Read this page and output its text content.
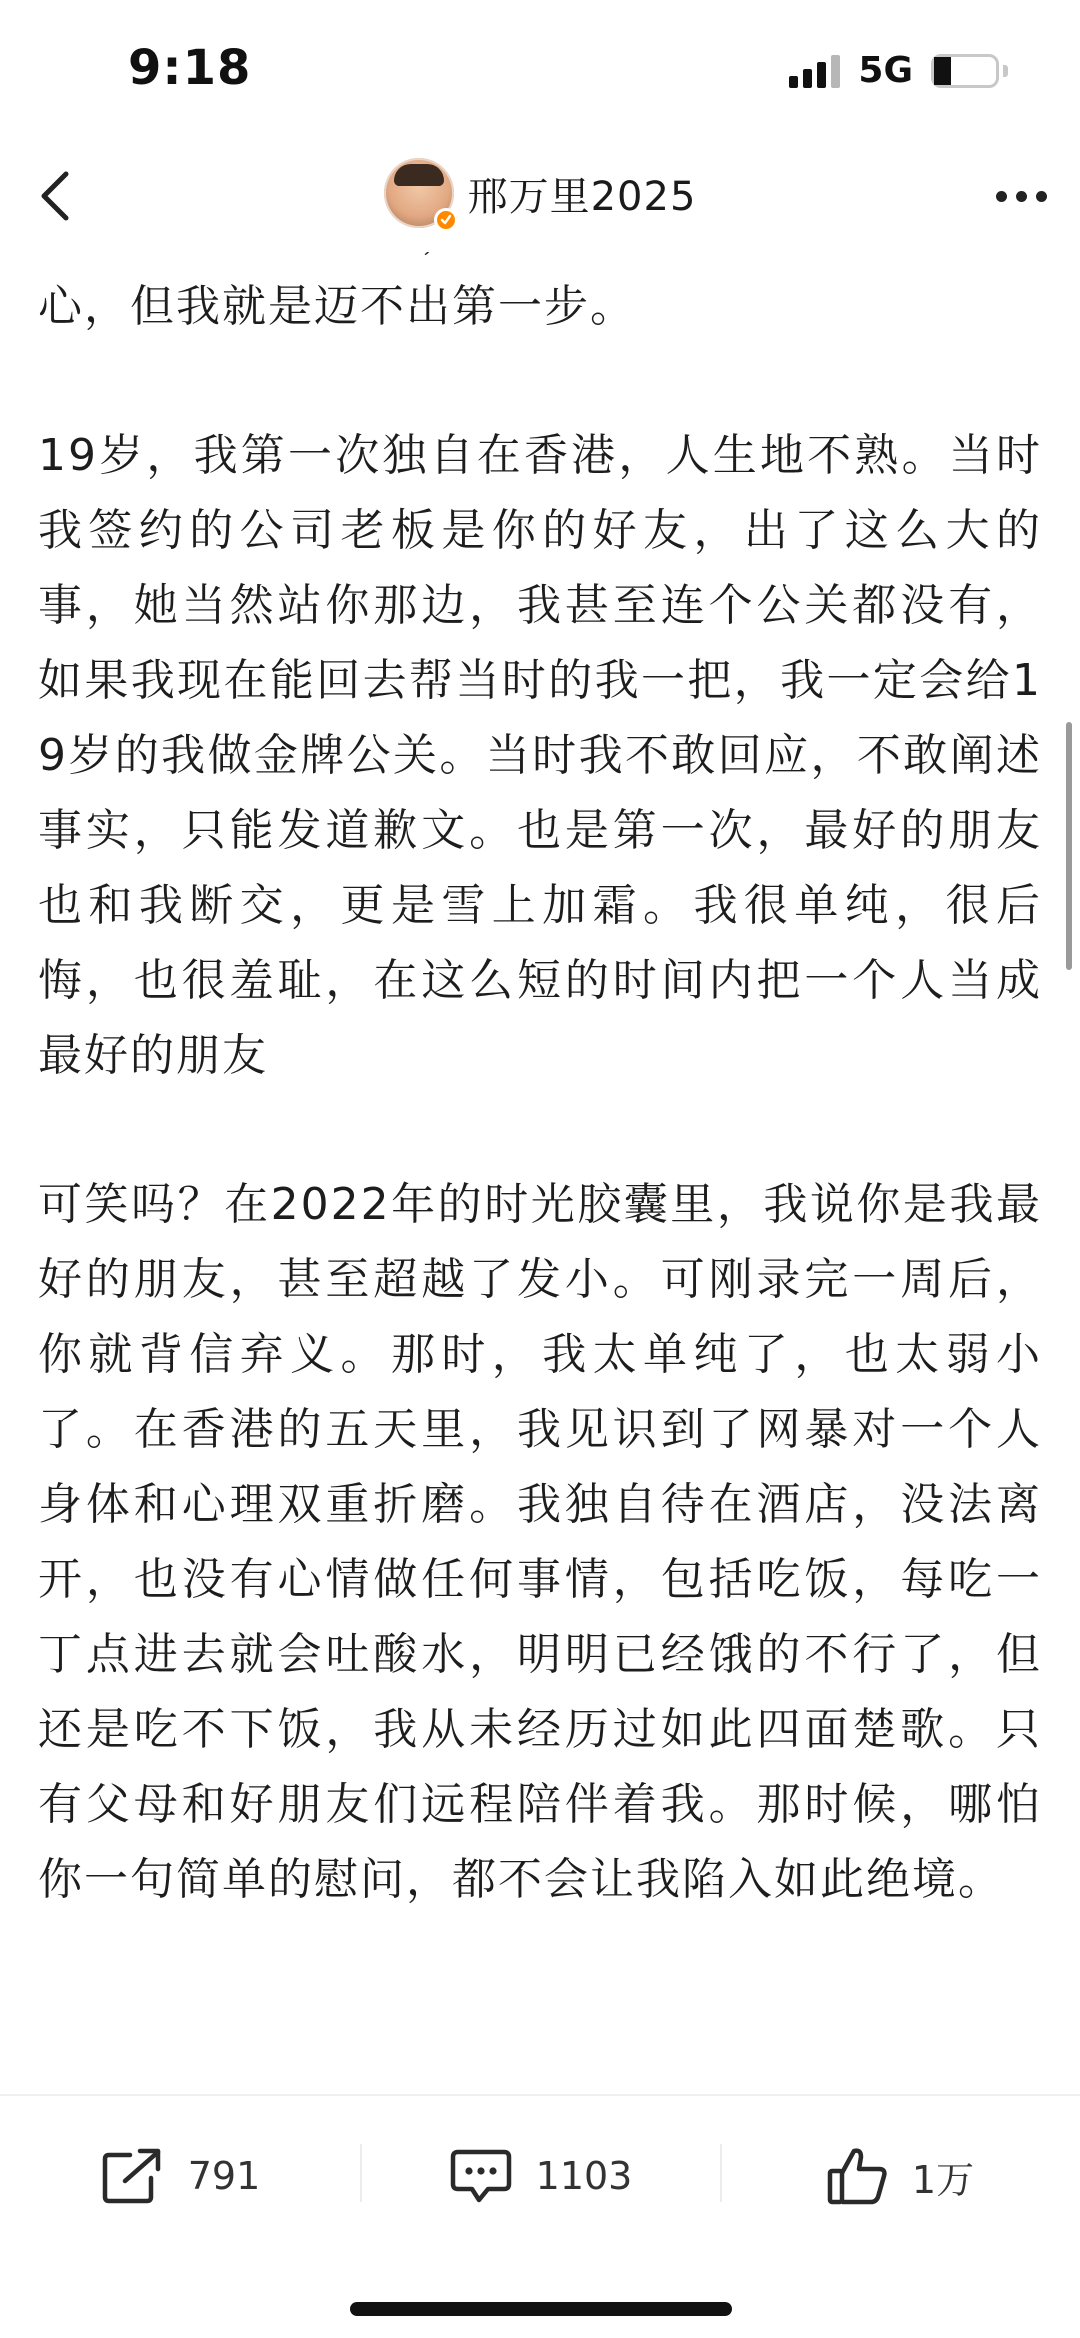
9:18	5G 27
邢万里2025

心，但我就是迈不出第一步。

19岁，我第一次独自在香港，人生地不熟。当时我签约的公司老板是你的好友，出了这么大的事，她当然站你那边，我甚至连个公关都没有，如果我现在能回去帮当时的我一把，我一定会给19岁的我做金牌公关。当时我不敢回应，不敢阐述事实，只能发道歉文。也是第一次，最好的朋友也和我断交，更是雪上加霜。我很单纯，很后悔，也很羞耻，在这么短的时间内把一个人当成最好的朋友

可笑吗？在2022年的时光胶囊里，我说你是我最好的朋友，甚至超越了发小。可刚录完一周后，你就背信弃义。那时，我太单纯了，也太弱小了。在香港的五天里，我见识到了网暴对一个人身体和心理双重折磨。我独自待在酒店，没法离开，也没有心情做任何事情，包括吃饭，每吃一丁点进去就会吐酸水，明明已经饿的不行了，但还是吃不下饭，我从未经历过如此四面楚歌。只有父母和好朋友们远程陪伴着我。那时候，哪怕你一句简单的慰问，都不会让我陷入如此绝境。

791	1103	1万
